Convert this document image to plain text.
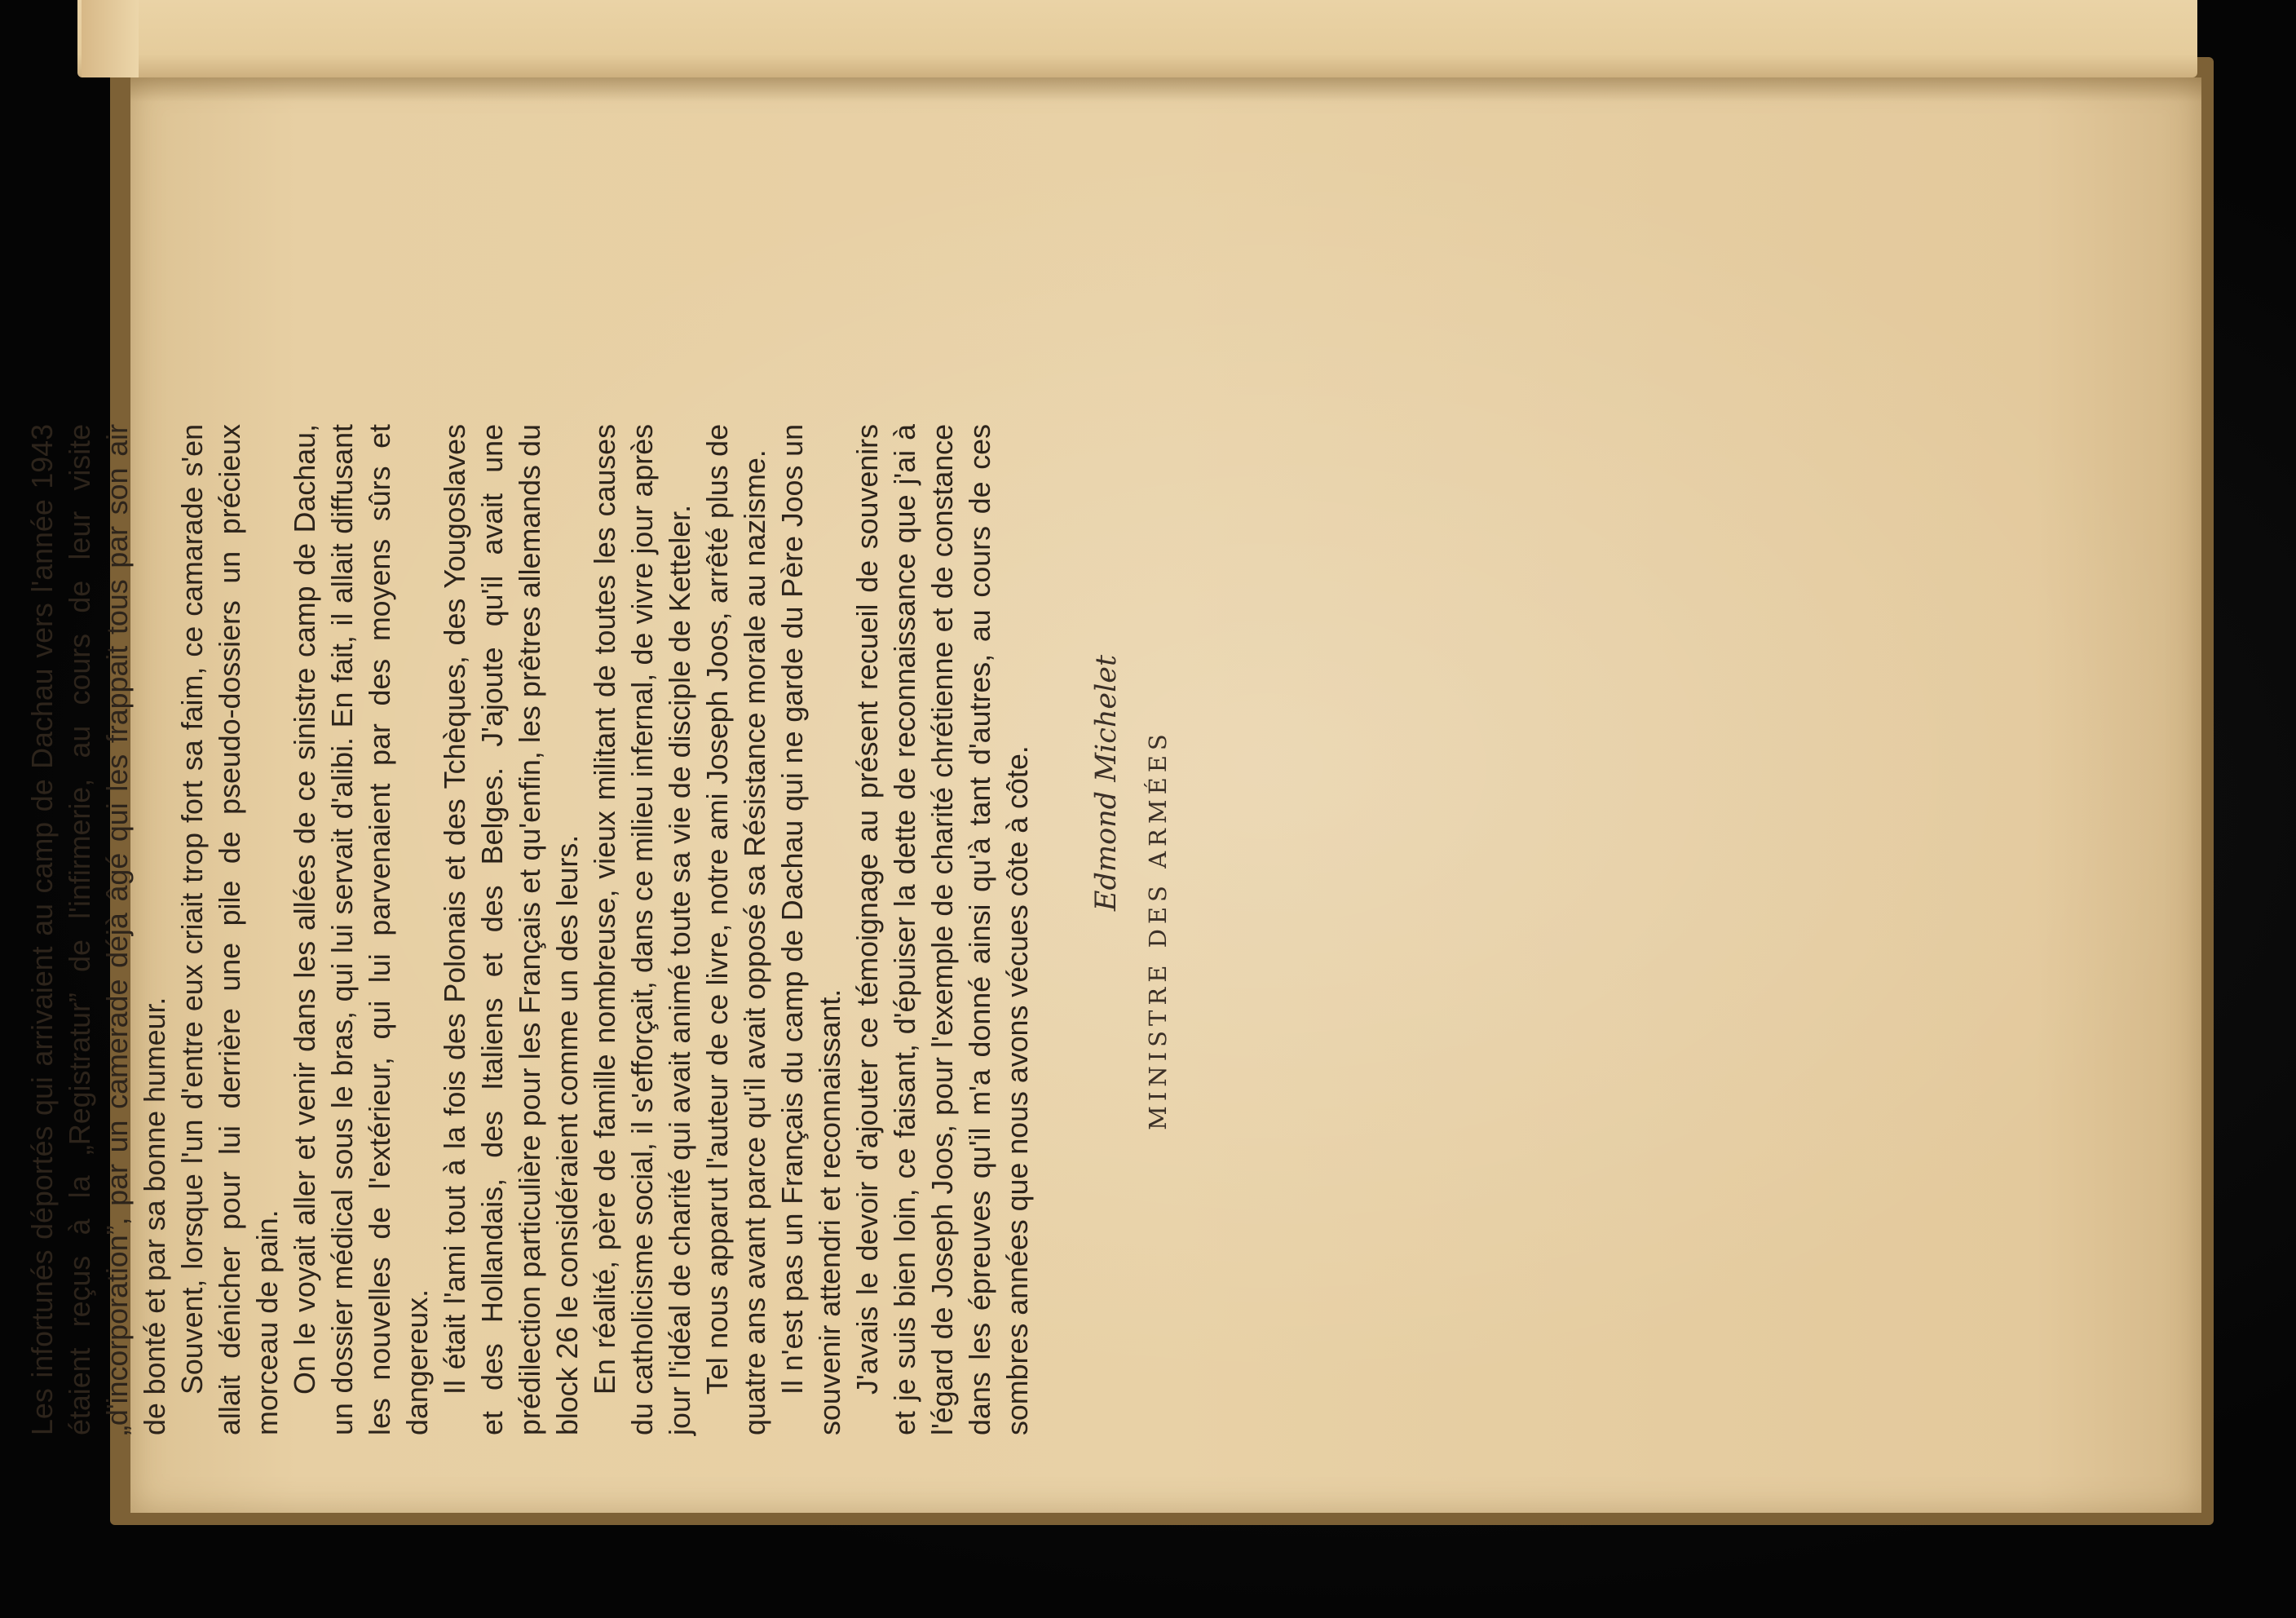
Les infortunés déportés qui arrivaient au camp de Dachau vers l'année 1943 étaient reçus à la „Registratur” de l'infirmerie, au cours de leur visite „d'incorporation”, par un camerade déjà âgé qui les frappait tous par son air de bonté et par sa bonne humeur. Souvent, lorsque l'un d'entre eux criait trop fort sa faim, ce camarade s'en allait dénicher pour lui derrière une pile de pseudo-dossiers un précieux morceau de pain. On le voyait aller et venir dans les allées de ce sinistre camp de Dachau, un dossier médical sous le bras, qui lui servait d'alibi. En fait, il allait diffusant les nouvelles de l'extérieur, qui lui parvenaient par des moyens sûrs et dangereux. Il était l'ami tout à la fois des Polonais et des Tchèques, des Yougoslaves et des Hollandais, des Italiens et des Belges. J'ajoute qu'il avait une prédilection particulière pour les Français et qu'enfin, les prêtres allemands du block 26 le considéraient comme un des leurs. En réalité, père de famille nombreuse, vieux militant de toutes les causes du catholicisme social, il s'efforçait, dans ce milieu infernal, de vivre jour après jour l'idéal de charité qui avait animé toute sa vie de disciple de Ketteler. Tel nous apparut l'auteur de ce livre, notre ami Joseph Joos, arrêté plus de quatre ans avant parce qu'il avait opposé sa Résistance morale au nazisme. Il n'est pas un Français du camp de Dachau qui ne garde du Père Joos un souvenir attendri et reconnaissant. J'avais le devoir d'ajouter ce témoignage au présent recueil de souvenirs et je suis bien loin, ce faisant, d'épuiser la dette de reconnaissance que j'ai à l'égard de Joseph Joos, pour l'exemple de charité chrétienne et de constance dans les épreuves qu'il m'a donné ainsi qu'à tant d'autres, au cours de ces sombres années que nous avons vécues côte à côte. Edmond Michelet MINISTRE DES ARMÉES
